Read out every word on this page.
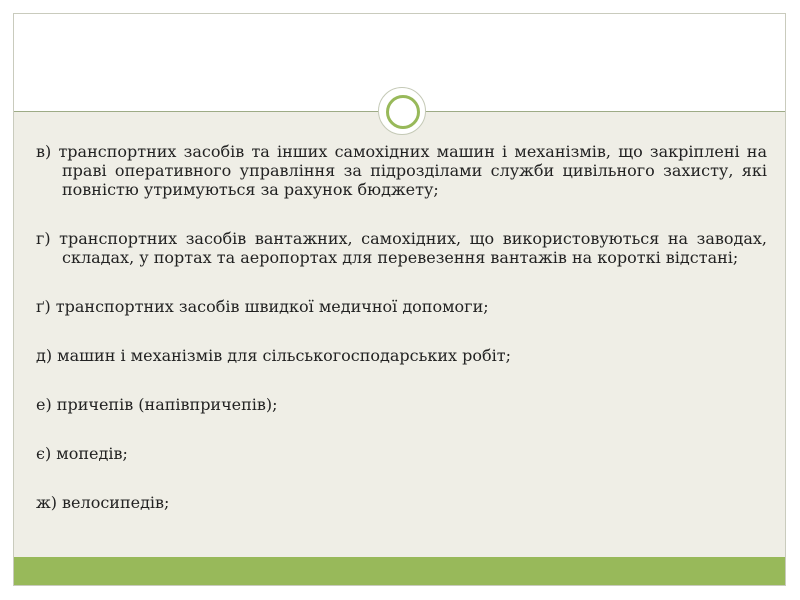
в) транспортних засобів та інших самохідних машин і механізмів, що закріплені на праві оперативного управління за підрозділами служби цивільного захисту, які повністю утримуються за рахунок бюджету;
г) транспортних засобів вантажних, самохідних, що використовуються на заводах, складах, у портах та аеропортах для перевезення вантажів на короткі відстані;
ґ) транспортних засобів швидкої медичної допомоги;
д) машин і механізмів для сільськогосподарських робіт;
е) причепів (напівпричепів);
є) мопедів;
ж) велосипедів;
